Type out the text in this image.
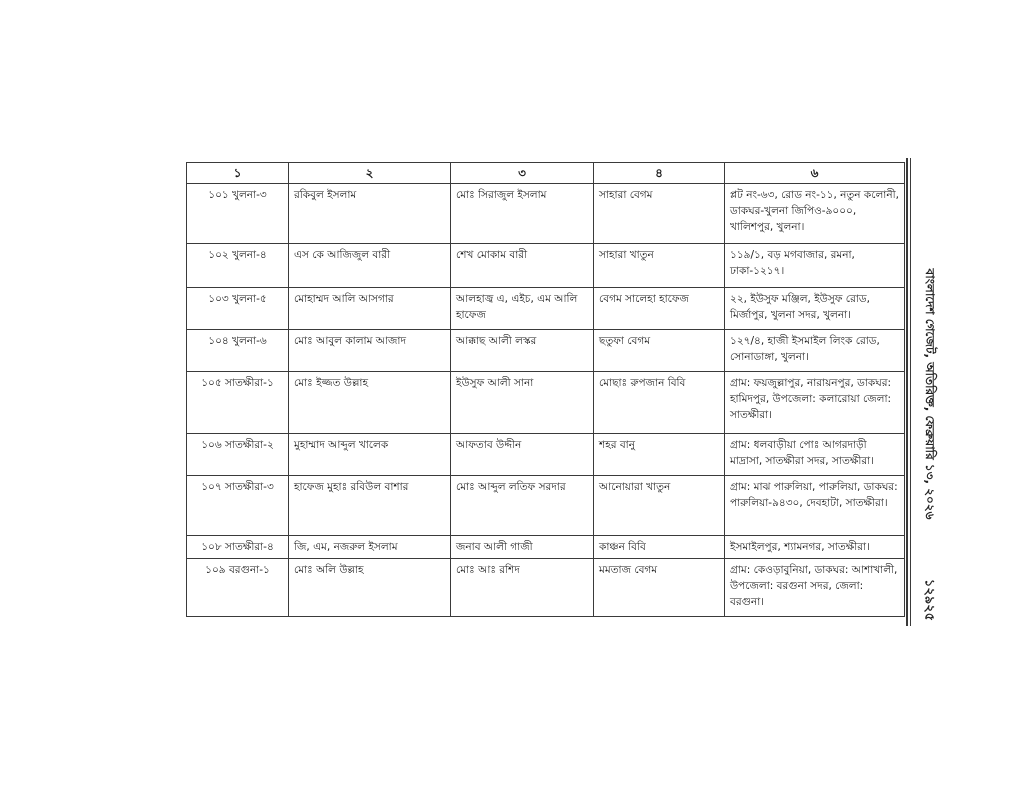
১	২	৩	৪	৬
১০১ খুলনা-৩	রকিবুল ইসলাম	মোঃ সিরাজুল ইসলাম	সাহারা বেগম	প্লট নং-৬৩, রোড নং-১১, নতুন কলোনী, ডাকঘর-খুলনা জিপিও-৯০০০, খালিশপুর, খুলনা।
১০২ খুলনা-৪	এস কে আজিজুল বারী	শেখ মোকাম বারী	সাহারা খাতুন	১১৯/১, বড় মগবাজার, রমনা, ঢাকা-১২১৭।
১০৩ খুলনা-৫	মোহাম্মদ আলি আসগার	আলহাজ্ব এ, এইচ, এম আলি হাফেজ	বেগম সালেহা হাফেজ	২২, ইউসুফ মঞ্জিল, ইউসুফ রোড, মির্জাপুর, খুলনা সদর, খুলনা।
১০৪ খুলনা-৬	মোঃ আবুল কালাম আজাদ	আক্কাছ আলী লস্কর	ছতুফা বেগম	১২৭/৪, হাজী ইসমাইল লিংক রোড, সোনাডাঙ্গা, খুলনা।
১০৫ সাতক্ষীরা-১	মোঃ ইজ্জত উল্লাহ	ইউসুফ আলী সানা	মোছাঃ রুপজান বিবি	গ্রাম: ফয়জুল্লাপুর, নারায়নপুর, ডাকঘর: হামিদপুর, উপজেলা: কলারোয়া জেলা: সাতক্ষীরা।
১০৬ সাতক্ষীরা-২	মুহাম্মাদ আব্দুল খালেক	আফতাব উদ্দীন	শহর বানু	গ্রাম: ধলবাড়ীয়া পোঃ আগরদাড়ী মাদ্রাসা, সাতক্ষীরা সদর, সাতক্ষীরা।
১০৭ সাতক্ষীরা-৩	হাফেজ মুহাঃ রবিউল বাশার	মোঃ আব্দুল লতিফ সরদার	আনোয়ারা খাতুন	গ্রাম: মাঝ পারুলিয়া, পারুলিয়া, ডাকঘর: পারুলিয়া-৯৪৩০, দেবহাটা, সাতক্ষীরা।
১০৮ সাতক্ষীরা-৪	জি, এম, নজরুল ইসলাম	জনাব আলী গাজী	কাঞ্চন বিবি	ইসমাইলপুর, শ্যামনগর, সাতক্ষীরা।
১০৯ বরগুনা-১	মোঃ অলি উল্লাহ	মোঃ আঃ রশিদ	মমতাজ বেগম	গ্রাম: কেওড়াবুনিয়া, ডাকঘর: আশাখালী, উপজেলা: বরগুনা সদর, জেলা: বরগুনা।
বাংলাদেশ গেজেট, অতিরিক্ত, ফেব্রুয়ারি ১৩, ২০২৬
১২৯২৫
